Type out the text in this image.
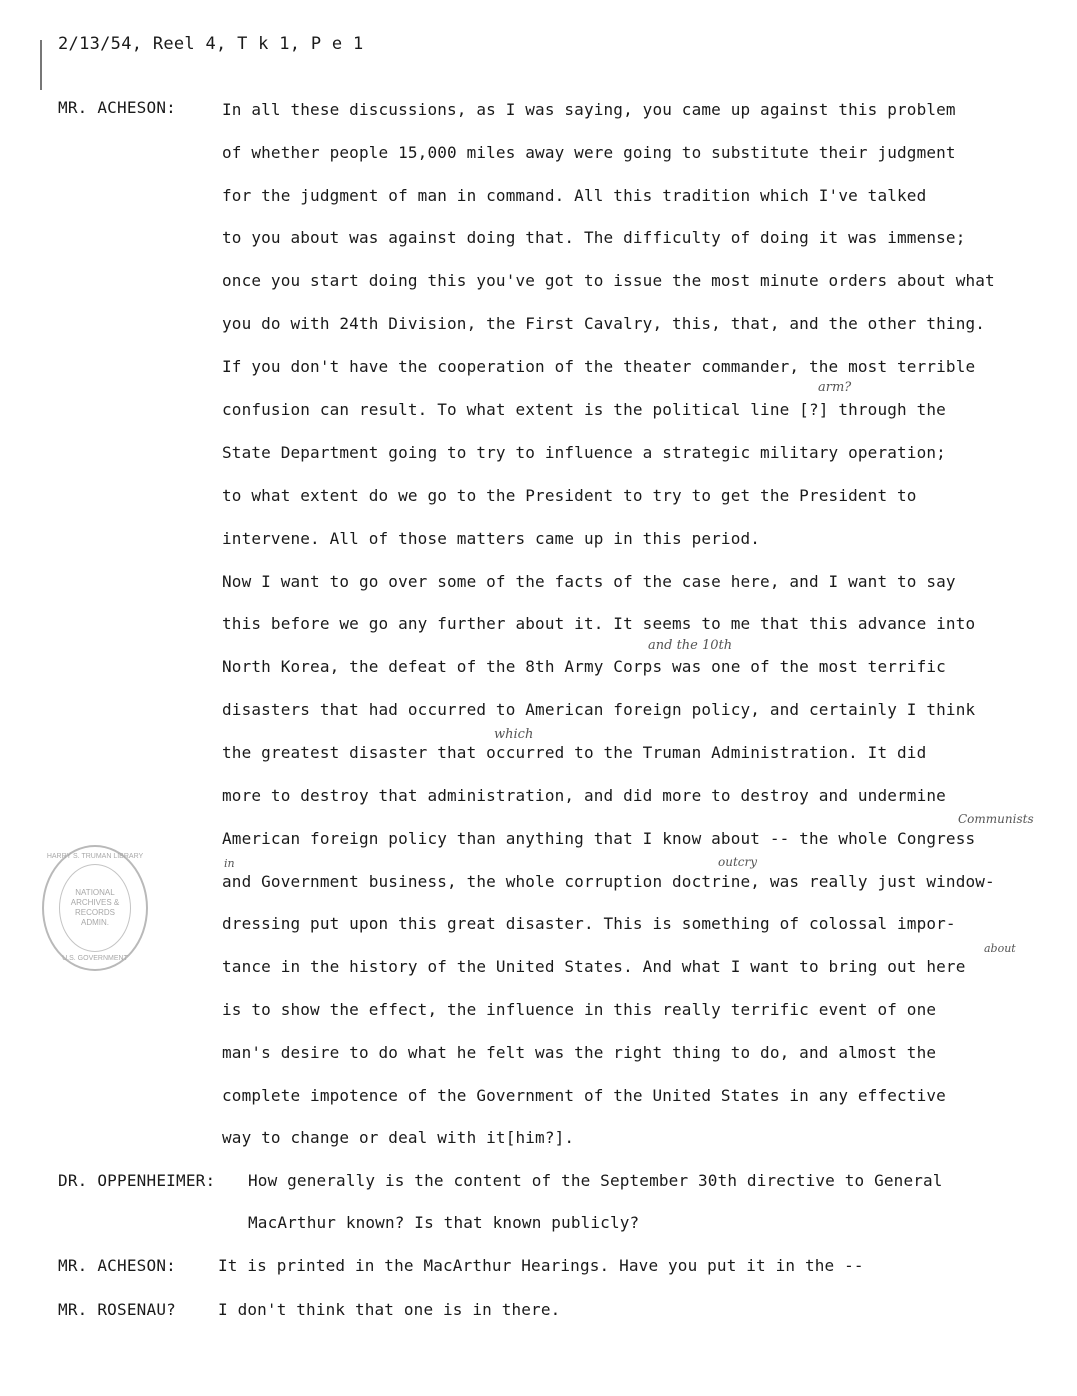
2/13/54, Reel 4, T k 1, P e 1
MR. ACHESON:	In all these discussions, as I was saying, you came up against this problem
of whether people 15,000 miles away were going to substitute their judgment
for the judgment of man in command. All this tradition which I've talked
to you about was against doing that. The difficulty of doing it was immense;
once you start doing this you've got to issue the most minute orders about what
you do with 24th Division, the First Cavalry, this, that, and the other thing.
If you don't have the cooperation of the theater commander, the most terrible
confusion can result. To what extent is the political line [?] through the
State Department going to try to influence a strategic military operation;
to what extent do we go to the President to try to get the President to
intervene. All of those matters came up in this period.
Now I want to go over some of the facts of the case here, and I want to say
this before we go any further about it. It seems to me that this advance into
North Korea, the defeat of the 8th Army Corps was one of the most terrific
disasters that had occurred to American foreign policy, and certainly I think
the greatest disaster that occurred to the Truman Administration. It did
more to destroy that administration, and did more to destroy and undermine
American foreign policy than anything that I know about -- the whole Congress
and Government business, the whole corruption doctrine, was really just window-
dressing put upon this great disaster. This is something of colossal impor-
tance in the history of the United States. And what I want to bring out here
is to show the effect, the influence in this really terrific event of one
man's desire to do what he felt was the right thing to do, and almost the
complete impotence of the Government of the United States in any effective
way to change or deal with it[him?].
DR. OPPENHEIMER: How generally is the content of the September 30th directive to General
MacArthur known? Is that known publicly?
MR. ACHESON:	It is printed in the MacArthur Hearings. Have you put it in the --
MR. ROSENAU?	I don't think that one is in there.
arm?
and the 10th
which
Communists
in	outcry
about
HARRY S. TRUMAN LIBRARY
NATIONAL ARCHIVES & RECORDS ADMIN.
U.S. GOVERNMENT
